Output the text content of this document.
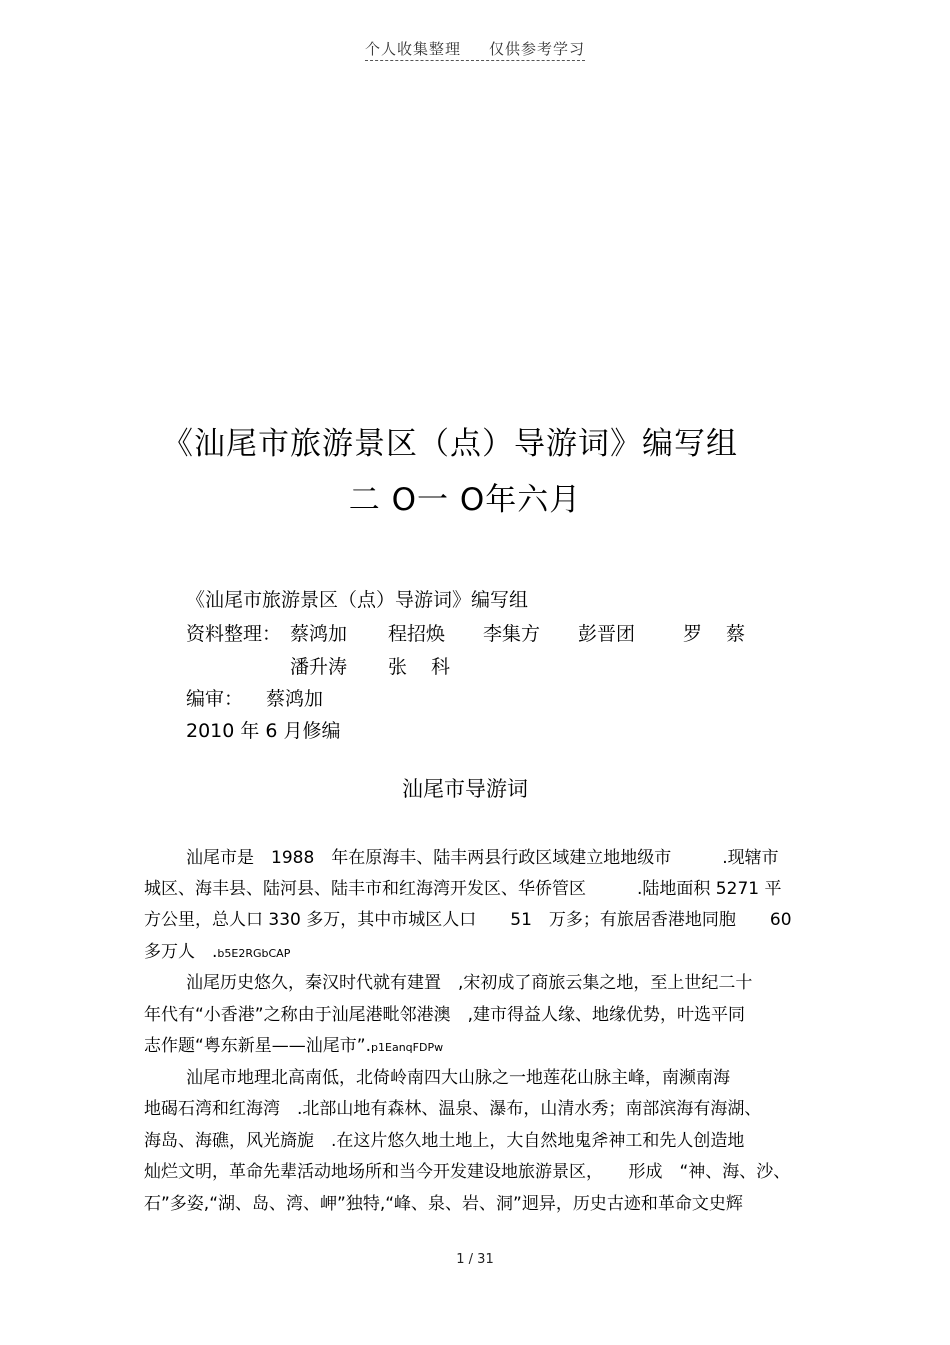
个人收集整理 仅供参考学习
《汕尾市旅游景区（点）导游词》编写组
二 O一 O年六月
《汕尾市旅游景区（点）导游词》编写组
资料整理： 蔡鸿加 程招焕 李集方 彭晋团	罗 蔡
潘升涛 张 科
编审： 蔡鸿加
2010 年 6 月修编
汕尾市导游词
汕尾市是　1988　年在原海丰、陆丰两县行政区域建立地地级市　　　.现辖市
城区、海丰县、陆河县、陆丰市和红海湾开发区、华侨管区　　　.陆地面积 5271 平
方公里，总人口 330 多万，其中市城区人口　　51　万多；有旅居香港地同胞　　60
多万人　.b5E2RGbCAP
汕尾历史悠久，秦汉时代就有建置　,宋初成了商旅云集之地，至上世纪二十
年代有“小香港”之称由于汕尾港毗邻港澳　,建市得益人缘、地缘优势，叶选平同
志作题“粤东新星——汕尾市”.p1EanqFDPw
汕尾市地理北高南低，北倚岭南四大山脉之一地莲花山脉主峰，南濒南海
地碣石湾和红海湾　.北部山地有森林、温泉、瀑布，山清水秀；南部滨海有海湖、
海岛、海礁，风光旖旎　.在这片悠久地土地上，大自然地鬼斧神工和先人创造地
灿烂文明，革命先辈活动地场所和当今开发建设地旅游景区，　　形成　“神、海、沙、
石”多姿,“湖、岛、湾、岬”独特,“峰、泉、岩、洞”迥异，历史古迹和革命文史辉
1 / 31
